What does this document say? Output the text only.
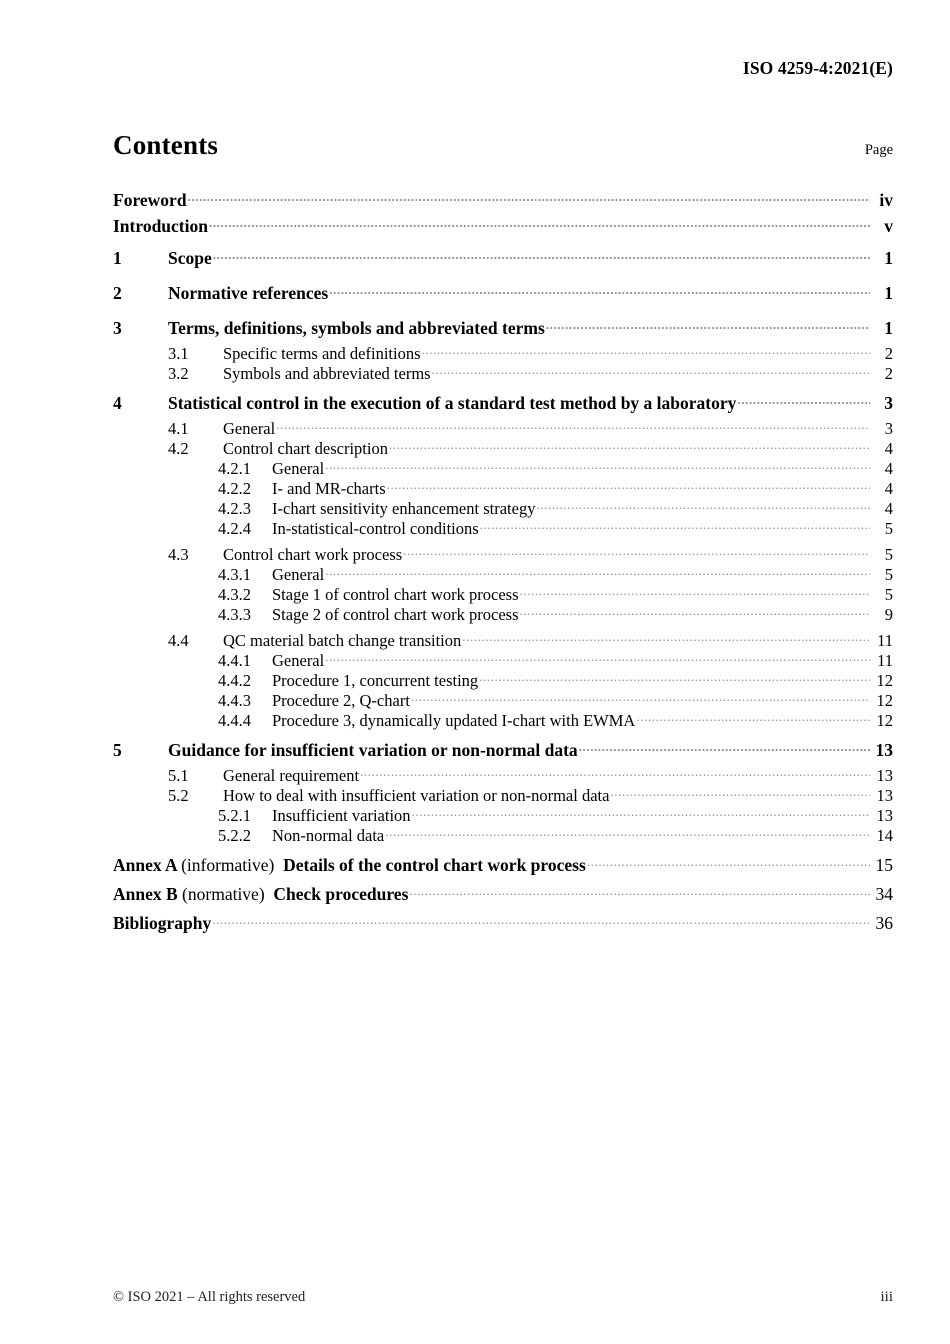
ISO 4259-4:2021(E)
Contents	Page
Foreword .....	iv
Introduction .....	v
1	Scope .....	1
2	Normative references .....	1
3	Terms, definitions, symbols and abbreviated terms .....	1
3.1	Specific terms and definitions .....	2
3.2	Symbols and abbreviated terms .....	2
4	Statistical control in the execution of a standard test method by a laboratory .....	3
4.1	General .....	3
4.2	Control chart description .....	4
4.2.1	General .....	4
4.2.2	I- and MR-charts .....	4
4.2.3	I-chart sensitivity enhancement strategy .....	4
4.2.4	In-statistical-control conditions .....	5
4.3	Control chart work process .....	5
4.3.1	General .....	5
4.3.2	Stage 1 of control chart work process .....	5
4.3.3	Stage 2 of control chart work process .....	9
4.4	QC material batch change transition .....	11
4.4.1	General .....	11
4.4.2	Procedure 1, concurrent testing .....	12
4.4.3	Procedure 2, Q-chart .....	12
4.4.4	Procedure 3, dynamically updated I-chart with EWMA .....	12
5	Guidance for insufficient variation or non-normal data .....	13
5.1	General requirement .....	13
5.2	How to deal with insufficient variation or non-normal data .....	13
5.2.1	Insufficient variation .....	13
5.2.2	Non-normal data .....	14
Annex A (informative) Details of the control chart work process .....	15
Annex B (normative) Check procedures .....	34
Bibliography .....	36
© ISO 2021 – All rights reserved	iii
